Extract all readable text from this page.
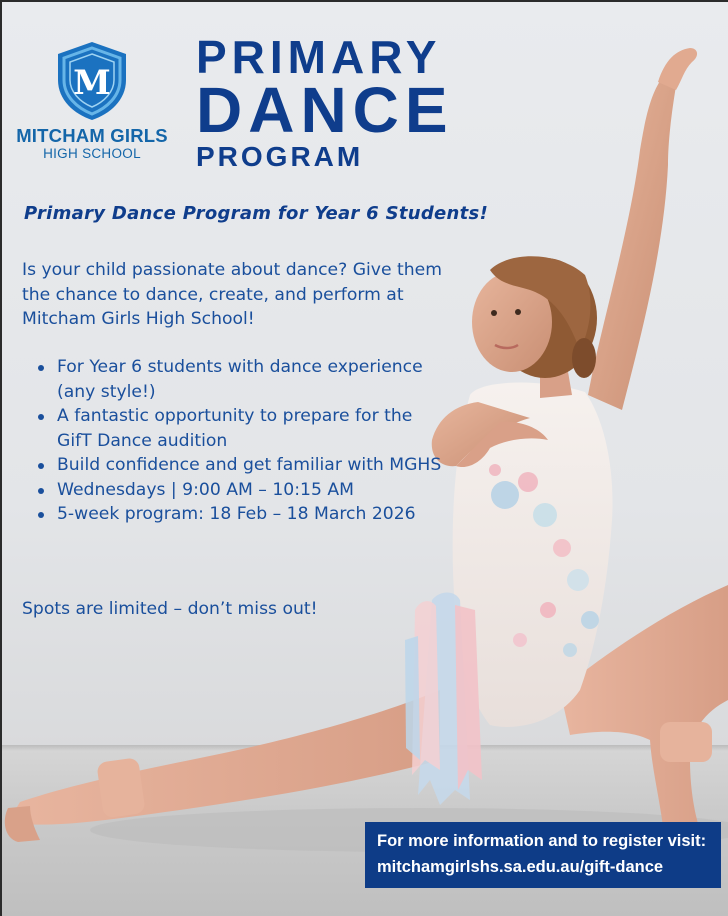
M
MITCHAM GIRLS
HIGH SCHOOL
PRIMARY
DANCE
PROGRAM
Primary Dance Program for Year 6 Students!
Is your child passionate about dance? Give them the chance to dance, create, and perform at Mitcham Girls High School!
For Year 6 students with dance experience (any style!)
A fantastic opportunity to prepare for the GifT Dance audition
Build confidence and get familiar with MGHS
Wednesdays | 9:00 AM – 10:15 AM
5-week program: 18 Feb – 18 March 2026
Spots are limited – don’t miss out!
For more information and to register visit:
mitchamgirlshs.sa.edu.au/gift-dance
